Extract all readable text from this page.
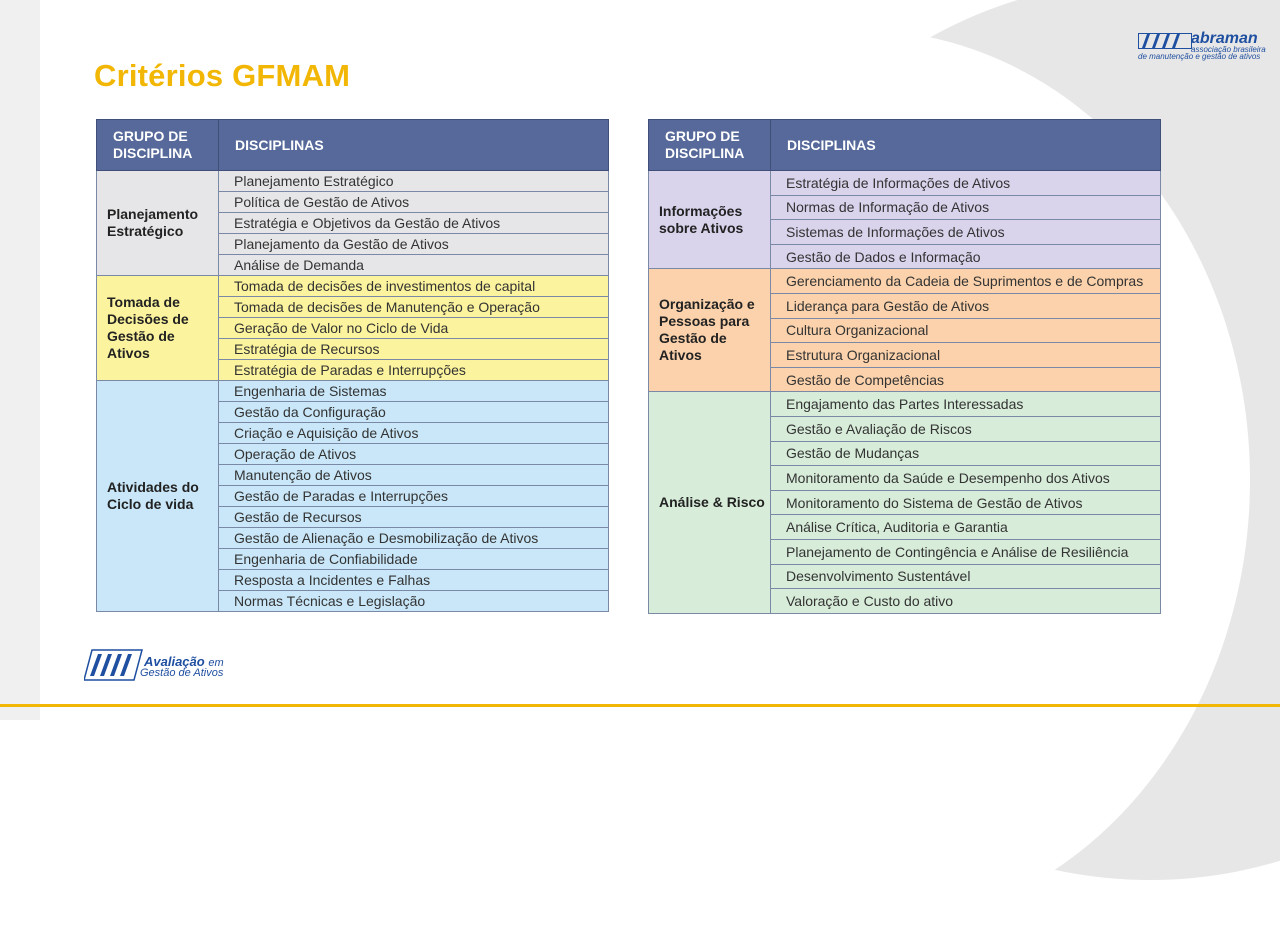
Critérios GFMAM
abraman
associação brasileira
de manutenção e gestão de ativos
GRUPO DE DISCIPLINA	DISCIPLINAS
Planejamento Estratégico	Planejamento Estratégico
	Política de Gestão de Ativos
	Estratégia e Objetivos da Gestão de Ativos
	Planejamento da Gestão de Ativos
	Análise de Demanda
Tomada de Decisões de Gestão de Ativos	Tomada de decisões de investimentos de capital
	Tomada de decisões de Manutenção e Operação
	Geração de Valor no Ciclo de Vida
	Estratégia de Recursos
	Estratégia de Paradas e Interrupções
Atividades do Ciclo de vida	Engenharia de Sistemas
	Gestão da Configuração
	Criação e Aquisição de Ativos
	Operação de Ativos
	Manutenção de Ativos
	Gestão de Paradas e Interrupções
	Gestão de Recursos
	Gestão de Alienação e Desmobilização de Ativos
	Engenharia de Confiabilidade
	Resposta a Incidentes e Falhas
	Normas Técnicas e Legislação
GRUPO DE DISCIPLINA	DISCIPLINAS
Informações sobre Ativos	Estratégia de Informações de Ativos
	Normas de Informação de Ativos
	Sistemas de Informações de Ativos
	Gestão de Dados e Informação
Organização e Pessoas para Gestão de Ativos	Gerenciamento da Cadeia de Suprimentos e de Compras
	Liderança para Gestão de Ativos
	Cultura Organizacional
	Estrutura Organizacional
	Gestão de Competências
Análise & Risco	Engajamento das Partes Interessadas
	Gestão e Avaliação de Riscos
	Gestão de Mudanças
	Monitoramento da Saúde e Desempenho dos Ativos
	Monitoramento do Sistema de Gestão de Ativos
	Análise Crítica, Auditoria e Garantia
	Planejamento de Contingência e Análise de Resiliência
	Desenvolvimento Sustentável
	Valoração e Custo do ativo
Avaliação em
Gestão de Ativos
